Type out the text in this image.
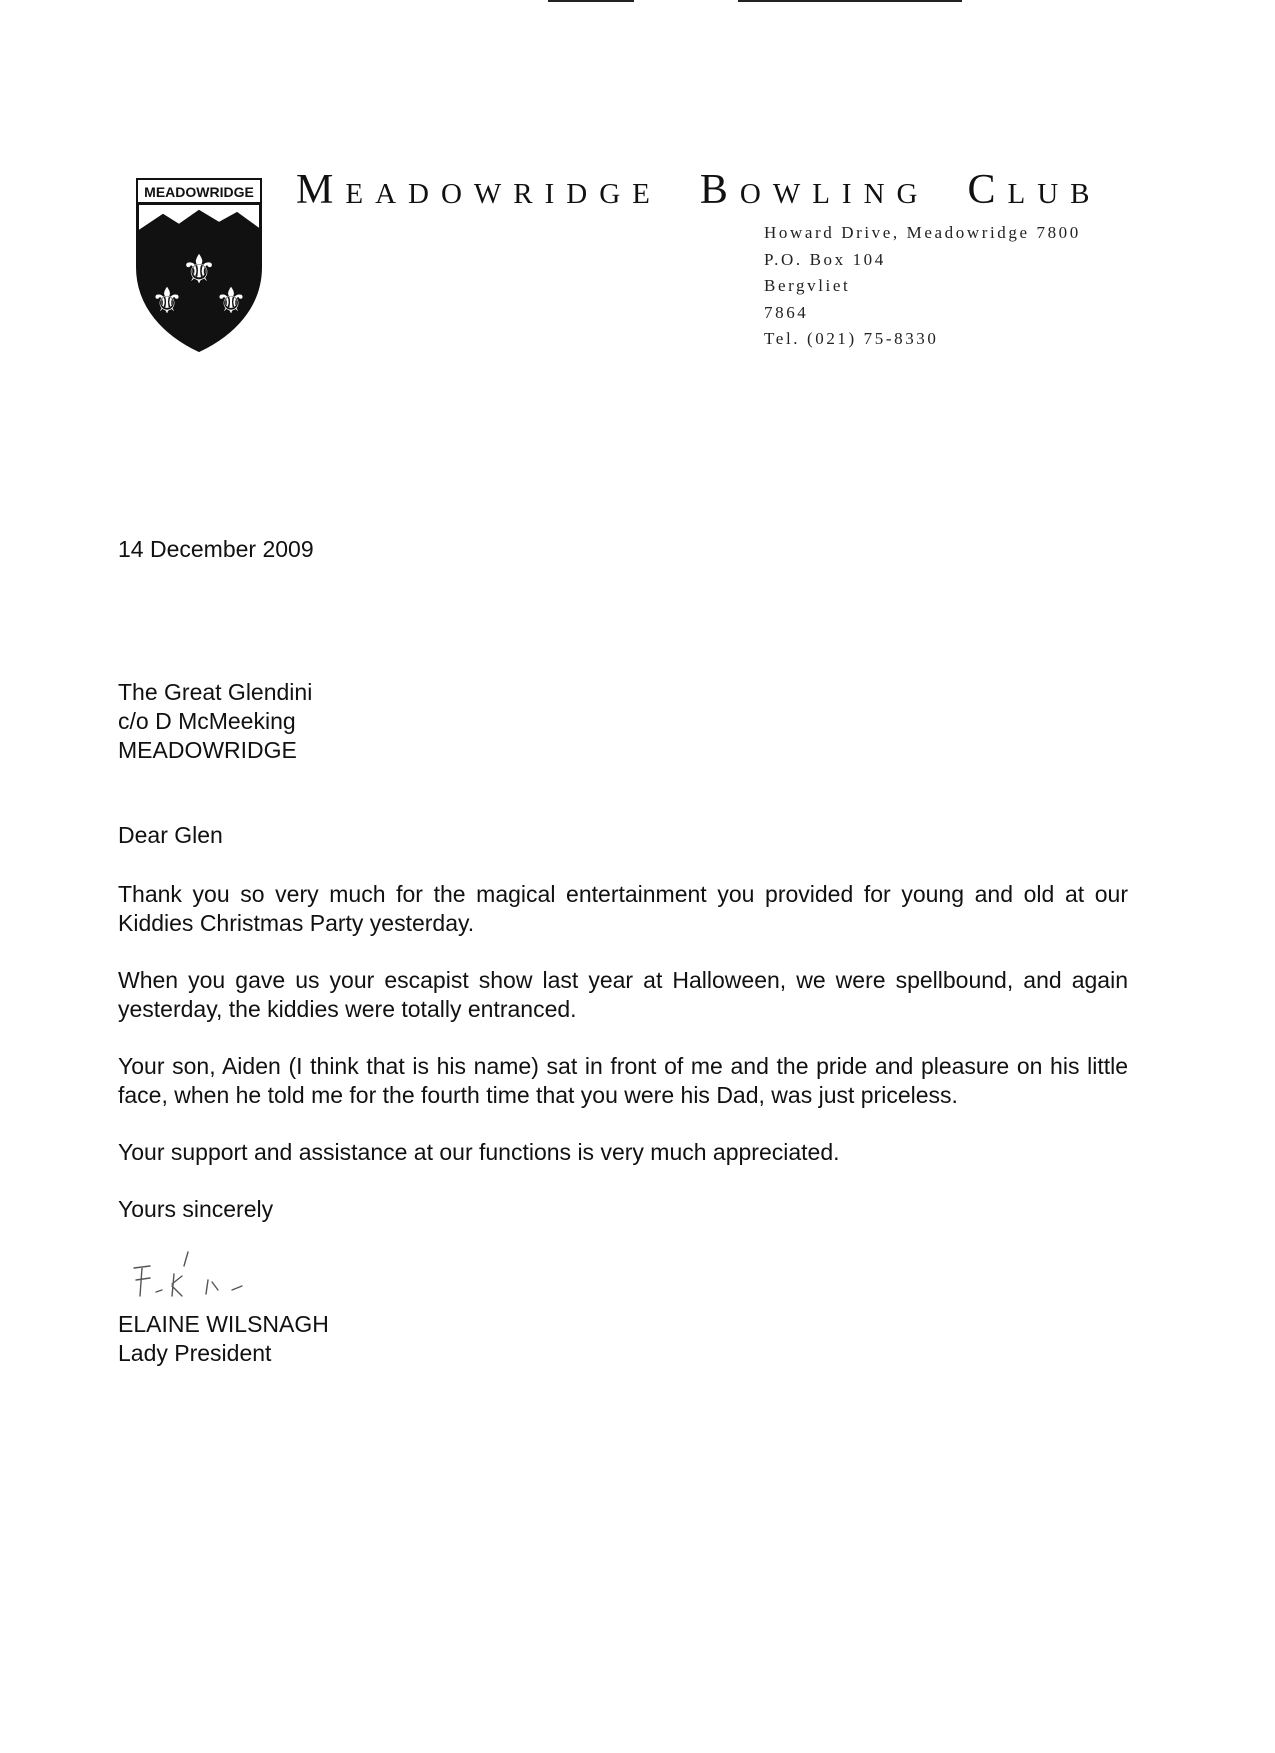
MEADOWRIDGE
⚜
⚜ ⚜
MEADOWRIDGE BOWLING CLUB
Howard Drive, Meadowridge 7800
P.O. Box 104
Bergvliet
7864
Tel. (021) 75-8330
14 December 2009
The Great Glendini
c/o D McMeeking
MEADOWRIDGE
Dear Glen
Thank you so very much for the magical entertainment you provided for young and old at our Kiddies Christmas Party yesterday.
When you gave us your escapist show last year at Halloween, we were spellbound, and again yesterday, the kiddies were totally entranced.
Your son, Aiden (I think that is his name) sat in front of me and the pride and pleasure on his little face, when he told me for the fourth time that you were his Dad, was just priceless.
Your support and assistance at our functions is very much appreciated.
Yours sincerely
ELAINE WILSNAGH
Lady President
